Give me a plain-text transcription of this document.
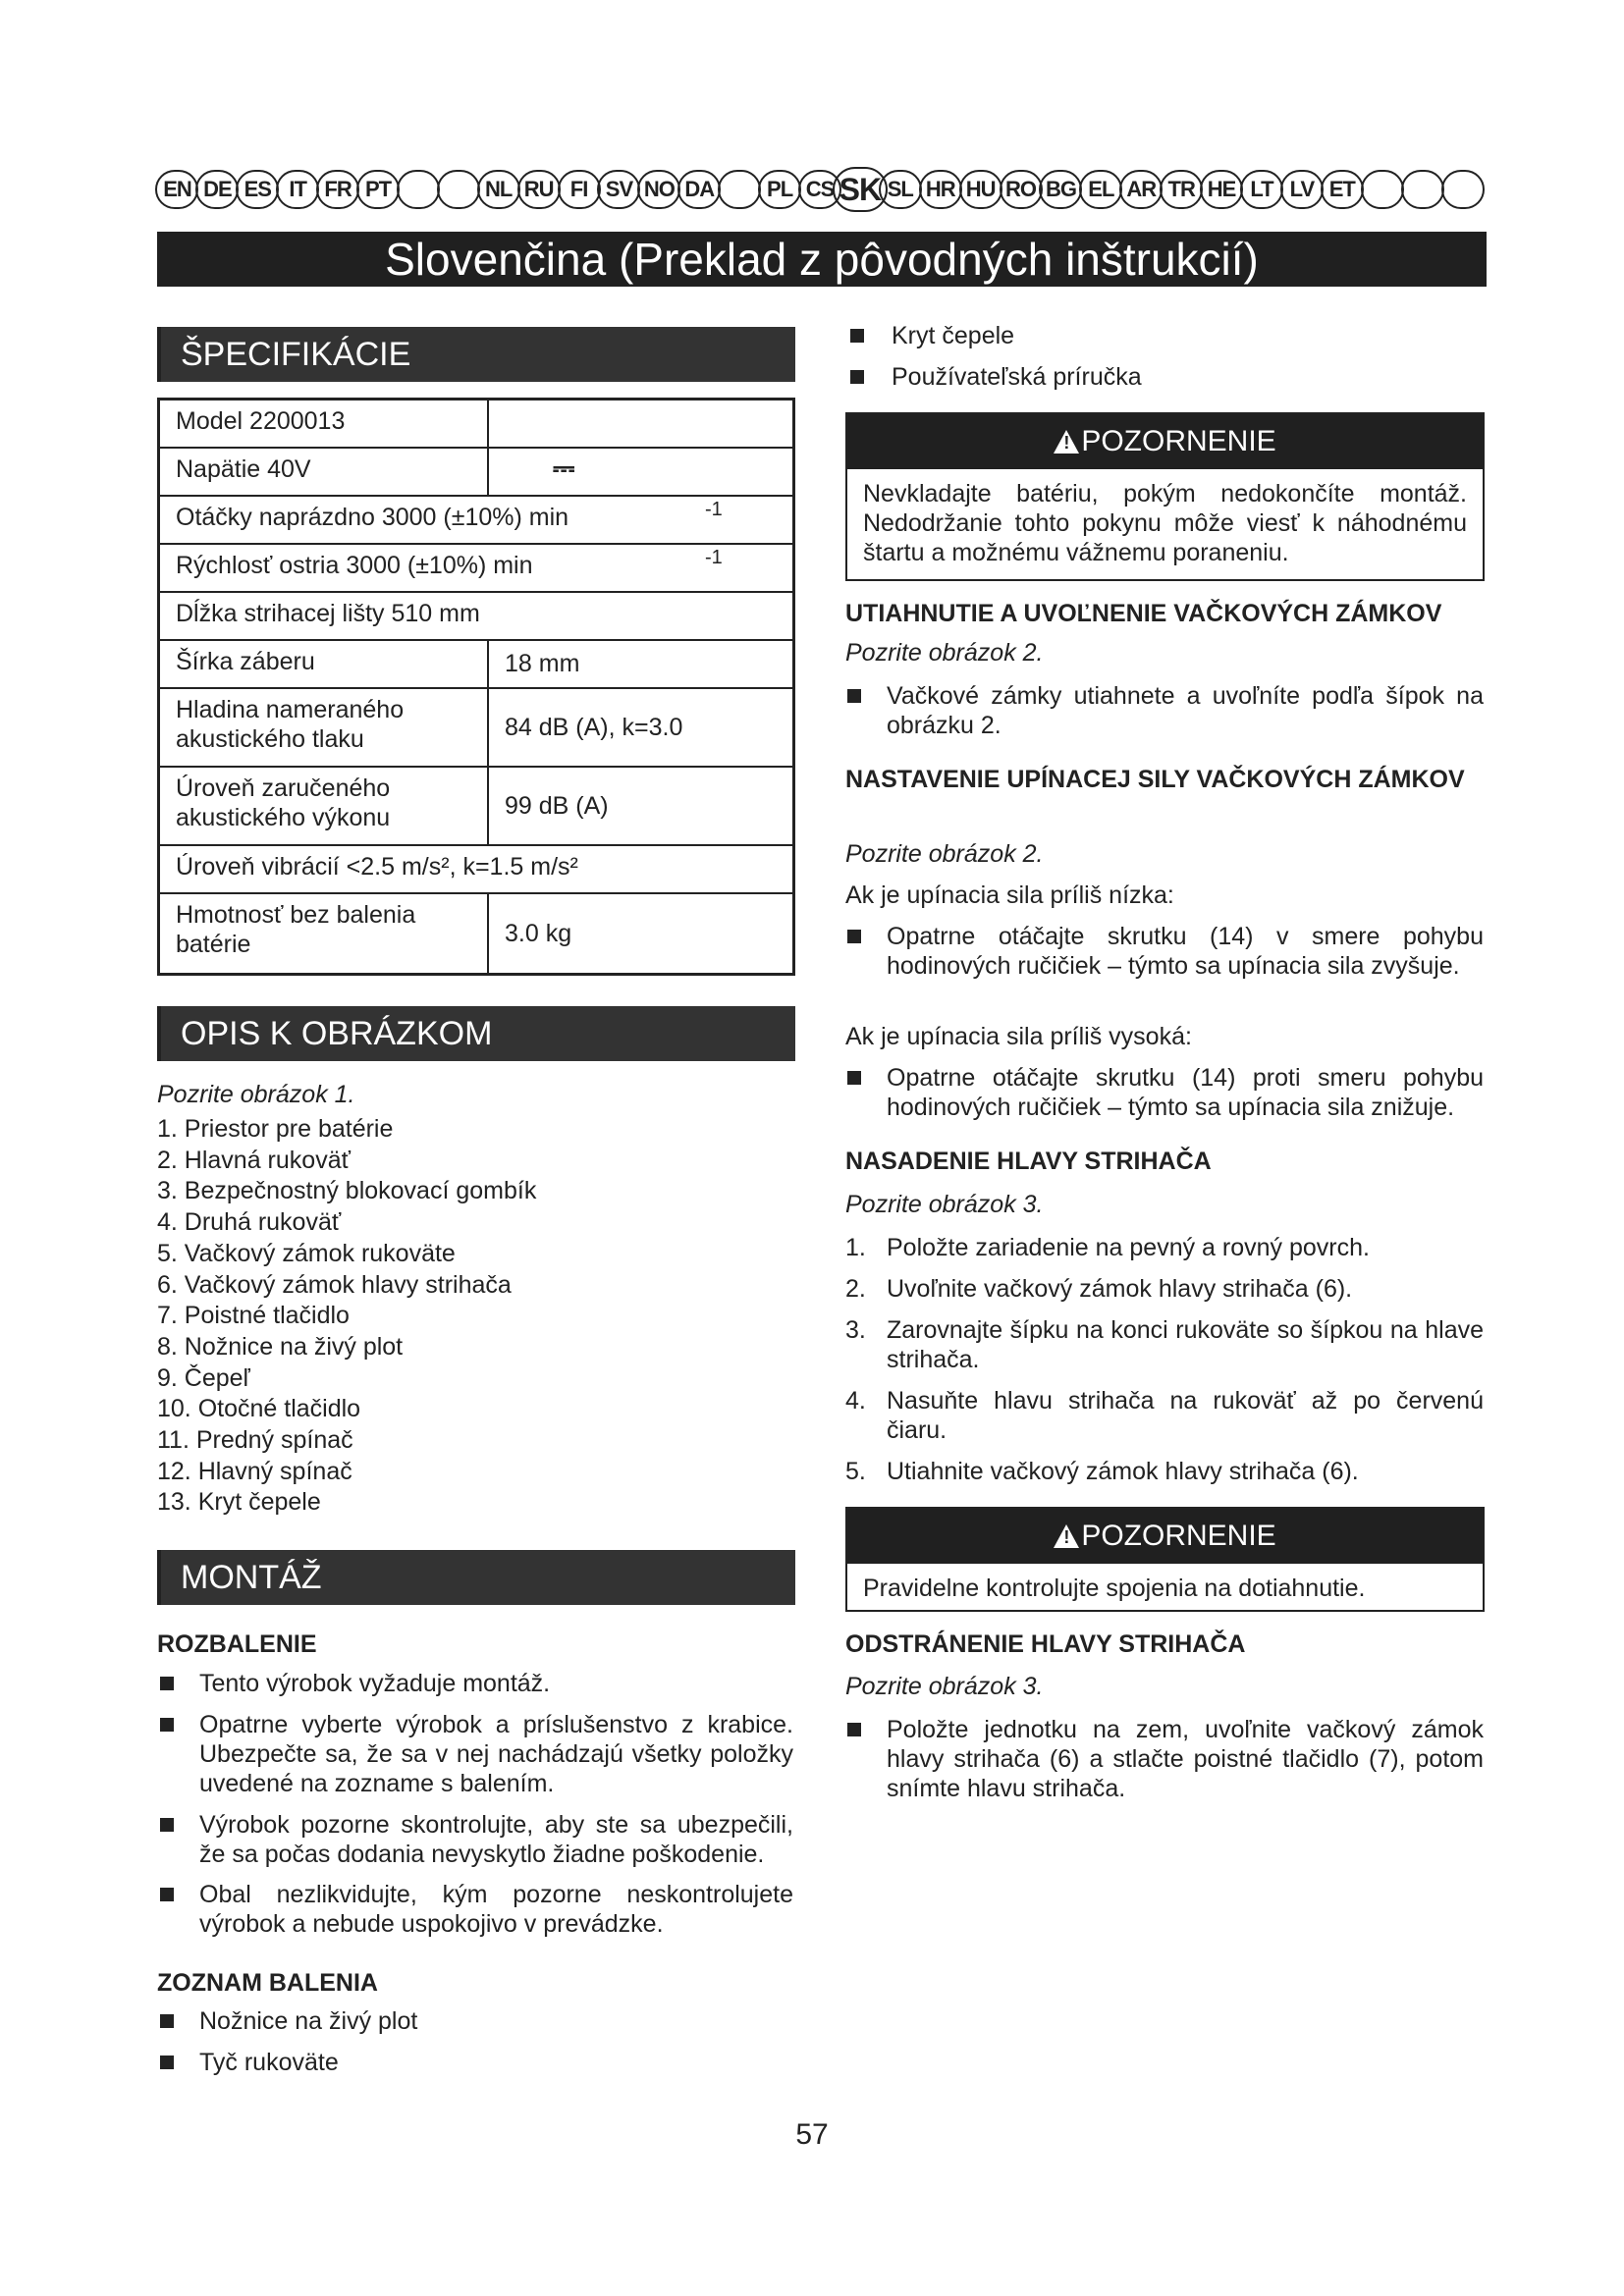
EN DE ES IT FR PT	NL RU FI SV NO DA	PL CS SK SL HR HU RO BG EL AR TR HE LT LV ET
Slovenčina (Preklad z pôvodných inštrukcií)
ŠPECIFIKÁCIE
Model 2200013
Napätie 40V	⎓
Otáčky naprázdno 3000 (±10%) min	-1
Rýchlosť ostria 3000 (±10%) min	-1
Dĺžka strihacej lišty 510 mm
Šírka záberu	18 mm
Hladina nameraného akustického tlaku	84 dB (A), k=3.0
Úroveň zaručeného akustického výkonu	99 dB (A)
Úroveň vibrácií <2.5 m/s², k=1.5 m/s²
Hmotnosť bez balenia batérie	3.0 kg
OPIS K OBRÁZKOM
Pozrite obrázok 1.
1. Priestor pre batérie
2. Hlavná rukoväť
3. Bezpečnostný blokovací gombík
4. Druhá rukoväť
5. Vačkový zámok rukoväte
6. Vačkový zámok hlavy strihača
7. Poistné tlačidlo
8. Nožnice na živý plot
9. Čepeľ
10. Otočné tlačidlo
11. Predný spínač
12. Hlavný spínač
13. Kryt čepele
MONTÁŽ
ROZBALENIE
Tento výrobok vyžaduje montáž.
Opatrne vyberte výrobok a príslušenstvo z krabice. Ubezpečte sa, že sa v nej nachádzajú všetky položky uvedené na zozname s balením.
Výrobok pozorne skontrolujte, aby ste sa ubezpečili, že sa počas dodania nevyskytlo žiadne poškodenie.
Obal nezlikvidujte, kým pozorne neskontrolujete výrobok a nebude uspokojivo v prevádzke.
ZOZNAM BALENIA
Nožnice na živý plot
Tyč rukoväte
Kryt čepele
Používateľská príručka
!
POZORNENIE
Nevkladajte batériu, pokým nedokončíte montáž. Nedodržanie tohto pokynu môže viesť k náhodnému štartu a možnému vážnemu poraneniu.
UTIAHNUTIE A UVOĽNENIE VAČKOVÝCH ZÁMKOV
Pozrite obrázok 2.
Vačkové zámky utiahnete a uvoľníte podľa šípok na obrázku 2.
NASTAVENIE UPÍNACEJ SILY VAČKOVÝCH ZÁMKOV
Pozrite obrázok 2.
Ak je upínacia sila príliš nízka:
Opatrne otáčajte skrutku (14) v smere pohybu hodinových ručičiek – týmto sa upínacia sila zvyšuje.
Ak je upínacia sila príliš vysoká:
Opatrne otáčajte skrutku (14) proti smeru pohybu hodinových ručičiek – týmto sa upínacia sila znižuje.
NASADENIE HLAVY STRIHAČA
Pozrite obrázok 3.
1. Položte zariadenie na pevný a rovný povrch.
2. Uvoľnite vačkový zámok hlavy strihača (6).
3. Zarovnajte šípku na konci rukoväte so šípkou na hlave strihača.
4. Nasuňte hlavu strihača na rukoväť až po červenú čiaru.
5. Utiahnite vačkový zámok hlavy strihača (6).
!
POZORNENIE
Pravidelne kontrolujte spojenia na dotiahnutie.
ODSTRÁNENIE HLAVY STRIHAČA
Pozrite obrázok 3.
Položte jednotku na zem, uvoľnite vačkový zámok hlavy strihača (6) a stlačte poistné tlačidlo (7), potom snímte hlavu strihača.
57
